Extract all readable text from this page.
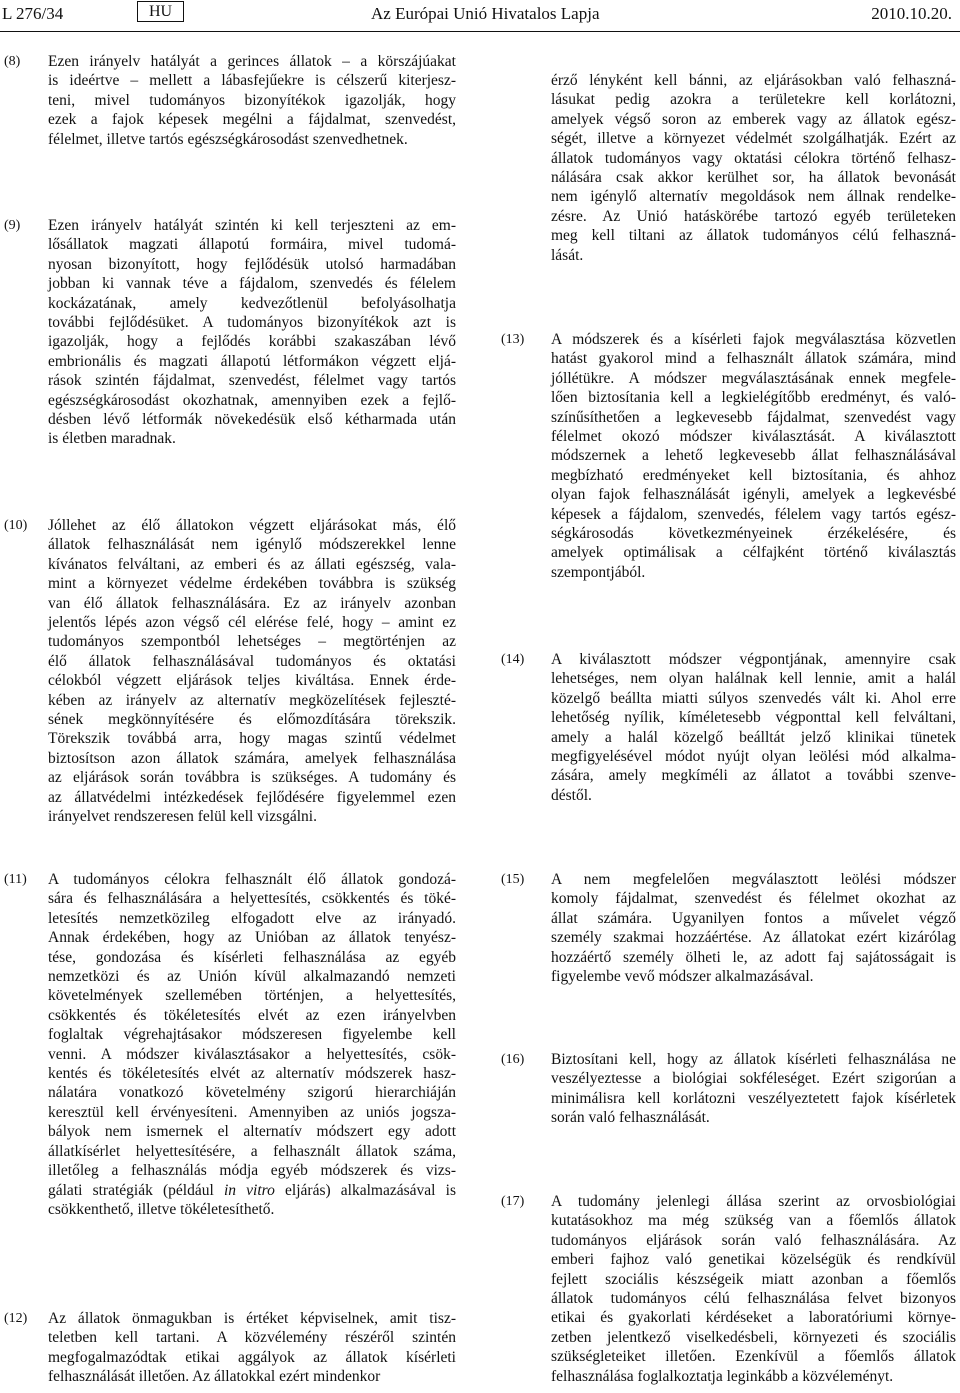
L 276/34	HU	Az Európai Unió Hivatalos Lapja	2010.10.20.
(8) Ezen irányelv hatályát a gerinces állatok – a körszájúakat
is ideértve – mellett a lábasfejűekre is célszerű kiterjesz-
teni, mivel tudományos bizonyítékok igazolják, hogy
ezek a fajok képesek megélni a fájdalmat, szenvedést,
félelmet, illetve tartós egészségkárosodást szenvedhetnek.
(9) Ezen irányelv hatályát szintén ki kell terjeszteni az em-
lősállatok magzati állapotú formáira, mivel tudomá-
nyosan bizonyított, hogy fejlődésük utolsó harmadában
jobban ki vannak téve a fájdalom, szenvedés és félelem
kockázatának, amely kedvezőtlenül befolyásolhatja
további fejlődésüket. A tudományos bizonyítékok azt is
igazolják, hogy a fejlődés korábbi szakaszában lévő
embrionális és magzati állapotú létformákon végzett eljá-
rások szintén fájdalmat, szenvedést, félelmet vagy tartós
egészségkárosodást okozhatnak, amennyiben ezek a fejlő-
désben lévő létformák növekedésük első kétharmada után
is életben maradnak.
(10) Jóllehet az élő állatokon végzett eljárásokat más, élő
állatok felhasználását nem igénylő módszerekkel lenne
kívánatos felváltani, az emberi és az állati egészség, vala-
mint a környezet védelme érdekében továbbra is szükség
van élő állatok felhasználására. Ez az irányelv azonban
jelentős lépés azon végső cél elérése felé, hogy – amint ez
tudományos szempontból lehetséges – megtörténjen az
élő állatok felhasználásával tudományos és oktatási
célokból végzett eljárások teljes kiváltása. Ennek érde-
kében az irányelv az alternatív megközelítések fejleszté-
sének megkönnyítésére és előmozdítására törekszik.
Törekszik továbbá arra, hogy magas szintű védelmet
biztosítson azon állatok számára, amelyek felhasználása
az eljárások során továbbra is szükséges. A tudomány és
az állatvédelmi intézkedések fejlődésére figyelemmel ezen
irányelvet rendszeresen felül kell vizsgálni.
(11) A tudományos célokra felhasznált élő állatok gondozá-
sára és felhasználására a helyettesítés, csökkentés és töké-
letesítés nemzetközileg elfogadott elve az irányadó.
Annak érdekében, hogy az Unióban az állatok tenyész-
tése, gondozása és kísérleti felhasználása az egyéb
nemzetközi és az Unión kívül alkalmazandó nemzeti
követelmények szellemében történjen, a helyettesítés,
csökkentés és tökéletesítés elvét az ezen irányelvben
foglaltak végrehajtásakor módszeresen figyelembe kell
venni. A módszer kiválasztásakor a helyettesítés, csök-
kentés és tökéletesítés elvét az alternatív módszerek hasz-
nálatára vonatkozó követelmény szigorú hierarchiáján
keresztül kell érvényesíteni. Amennyiben az uniós jogsza-
bályok nem ismernek el alternatív módszert egy adott
állatkísérlet helyettesítésére, a felhasznált állatok száma,
illetőleg a felhasználás módja egyéb módszerek és vizs-
gálati stratégiák (például in vitro eljárás) alkalmazásával is
csökkenthető, illetve tökéletesíthető.
(12) Az állatok önmagukban is értéket képviselnek, amit tisz-
teletben kell tartani. A közvélemény részéről szintén
megfogalmazódtak etikai aggályok az állatok kísérleti
felhasználását illetően. Az állatokkal ezért mindenkor
érző lényként kell bánni, az eljárásokban való felhaszná-
lásukat pedig azokra a területekre kell korlátozni,
amelyek végső soron az emberek vagy az állatok egész-
ségét, illetve a környezet védelmét szolgálhatják. Ezért az
állatok tudományos vagy oktatási célokra történő felhasz-
nálására csak akkor kerülhet sor, ha állatok bevonását
nem igénylő alternatív megoldások nem állnak rendelke-
zésre. Az Unió hatáskörébe tartozó egyéb területeken
meg kell tiltani az állatok tudományos célú felhaszná-
lását.
(13) A módszerek és a kísérleti fajok megválasztása közvetlen
hatást gyakorol mind a felhasznált állatok számára, mind
jóllétükre. A módszer megválasztásának ennek megfele-
lően biztosítania kell a legkielégítőbb eredményt, és való-
színűsíthetően a legkevesebb fájdalmat, szenvedést vagy
félelmet okozó módszer kiválasztását. A kiválasztott
módszernek a lehető legkevesebb állat felhasználásával
megbízható eredményeket kell biztosítania, és ahhoz
olyan fajok felhasználását igényli, amelyek a legkevésbé
képesek a fájdalom, szenvedés, félelem vagy tartós egész-
ségkárosodás következményeinek érzékelésére, és
amelyek optimálisak a célfajként történő kiválasztás
szempontjából.
(14) A kiválasztott módszer végpontjának, amennyire csak
lehetséges, nem olyan halálnak kell lennie, amit a halál
közelgő beállta miatti súlyos szenvedés vált ki. Ahol erre
lehetőség nyílik, kíméletesebb végponttal kell felváltani,
amely a halál közelgő beálltát jelző klinikai tünetek
megfigyelésével módot nyújt olyan leölési mód alkalma-
zására, amely megkíméli az állatot a további szenve-
déstől.
(15) A nem megfelelően megválasztott leölési módszer
komoly fájdalmat, szenvedést és félelmet okozhat az
állat számára. Ugyanilyen fontos a művelet végző
személy szakmai hozzáértése. Az állatokat ezért kizárólag
hozzáértő személy ölheti le, az adott faj sajátosságait is
figyelembe vevő módszer alkalmazásával.
(16) Biztosítani kell, hogy az állatok kísérleti felhasználása ne
veszélyeztesse a biológiai sokféleséget. Ezért szigorúan a
minimálisra kell korlátozni veszélyeztetett fajok kísérletek
során való felhasználását.
(17) A tudomány jelenlegi állása szerint az orvosbiológiai
kutatásokhoz ma még szükség van a főemlős állatok
tudományos eljárások során való felhasználására. Az
emberi fajhoz való genetikai közelségük és rendkívül
fejlett szociális készségeik miatt azonban a főemlős
állatok tudományos célú felhasználása felvet bizonyos
etikai és gyakorlati kérdéseket a laboratóriumi környe-
zetben jelentkező viselkedésbeli, környezeti és szociális
szükségleteiket illetően. Ezenkívül a főemlős állatok
felhasználása foglalkoztatja leginkább a közvéleményt.
